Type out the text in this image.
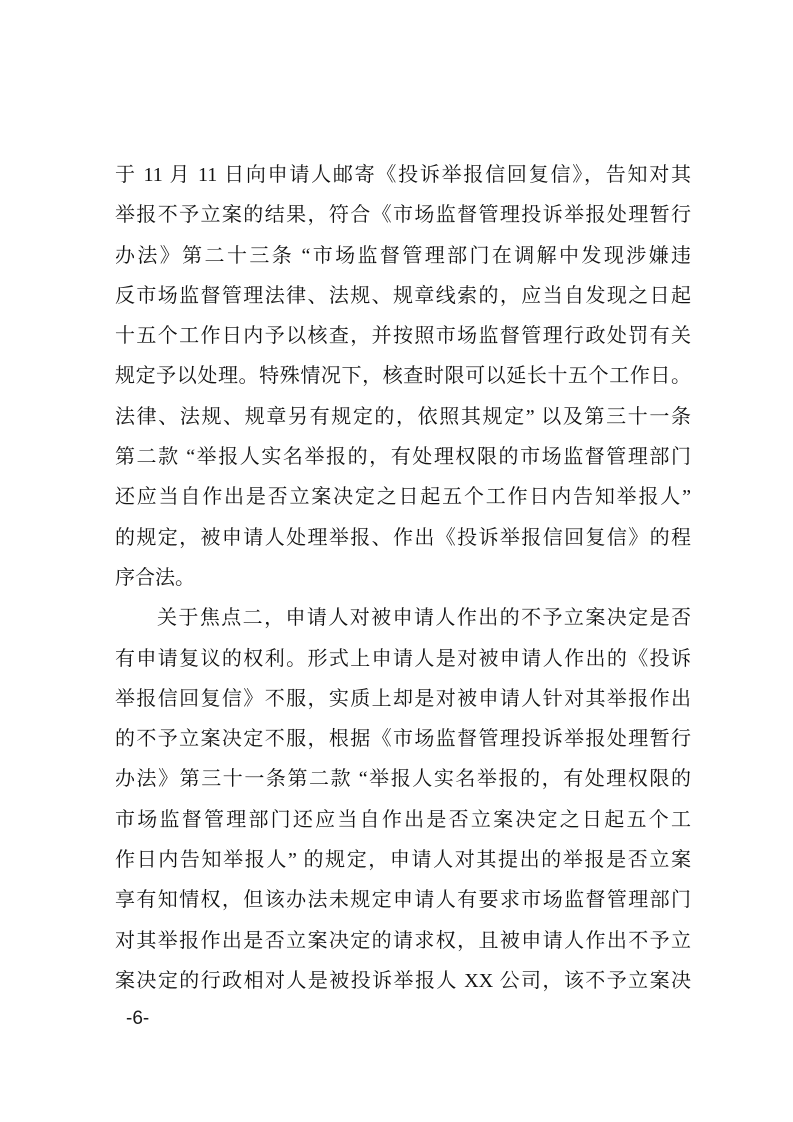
于 11 月 11 日向申请人邮寄《投诉举报信回复信》，告知对其
举报不予立案的结果，符合《市场监督管理投诉举报处理暂行
办法》第二十三条 “市场监督管理部门在调解中发现涉嫌违
反市场监督管理法律、法规、规章线索的，应当自发现之日起
十五个工作日内予以核查，并按照市场监督管理行政处罚有关
规定予以处理。特殊情况下，核查时限可以延长十五个工作日。
法律、法规、规章另有规定的，依照其规定” 以及第三十一条
第二款 “举报人实名举报的，有处理权限的市场监督管理部门
还应当自作出是否立案决定之日起五个工作日内告知举报人”
的规定，被申请人处理举报、作出《投诉举报信回复信》的程
序合法。
关于焦点二，申请人对被申请人作出的不予立案决定是否
有申请复议的权利。形式上申请人是对被申请人作出的《投诉
举报信回复信》不服，实质上却是对被申请人针对其举报作出
的不予立案决定不服，根据《市场监督管理投诉举报处理暂行
办法》第三十一条第二款 “举报人实名举报的，有处理权限的
市场监督管理部门还应当自作出是否立案决定之日起五个工
作日内告知举报人” 的规定，申请人对其提出的举报是否立案
享有知情权，但该办法未规定申请人有要求市场监督管理部门
对其举报作出是否立案决定的请求权，且被申请人作出不予立
案决定的行政相对人是被投诉举报人 XX 公司，该不予立案决
-6-
